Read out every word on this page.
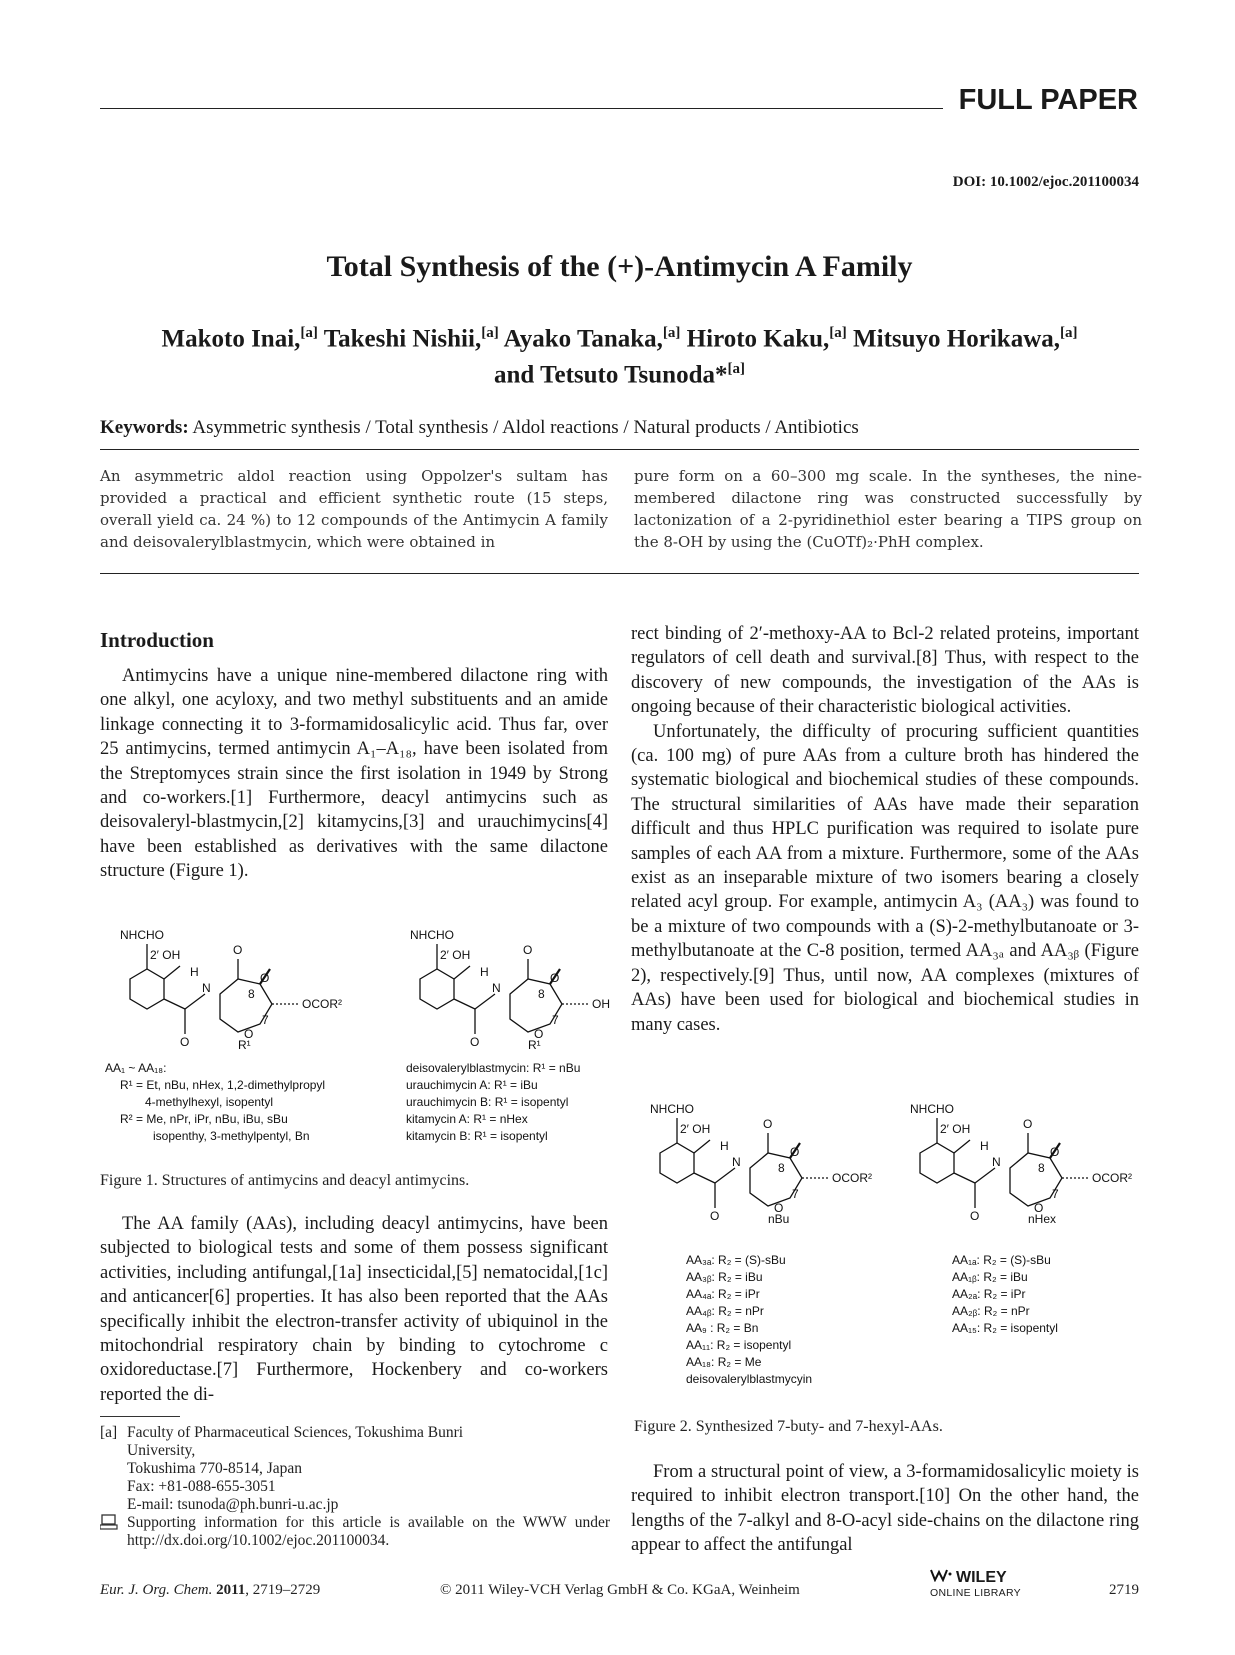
FULL PAPER
DOI: 10.1002/ejoc.201100034
Total Synthesis of the (+)-Antimycin A Family
Makoto Inai,[a] Takeshi Nishii,[a] Ayako Tanaka,[a] Hiroto Kaku,[a] Mitsuyo Horikawa,[a]
and Tetsuto Tsunoda*[a]
Keywords: Asymmetric synthesis / Total synthesis / Aldol reactions / Natural products / Antibiotics
An asymmetric aldol reaction using Oppolzer's sultam has provided a practical and efficient synthetic route (15 steps, overall yield ca. 24 %) to 12 compounds of the Antimycin A family and deisovalerylblastmycin, which were obtained in
pure form on a 60–300 mg scale. In the syntheses, the nine-membered dilactone ring was constructed successfully by lactonization of a 2-pyridinethiol ester bearing a TIPS group on the 8-OH by using the (CuOTf)₂·PhH complex.
Introduction

Antimycins have a unique nine-membered dilactone ring with one alkyl, one acyloxy, and two methyl substituents and an amide linkage connecting it to 3-formamidosalicylic acid. Thus far, over 25 antimycins, termed antimycin A₁–A₁₈, have been isolated from the Streptomyces strain since the first isolation in 1949 by Strong and co-workers.[1] Furthermore, deacyl antimycins such as deisovaleryl-blastmycin,[2] kitamycins,[3] and urauchimycins[4] have been established as derivatives with the same dilactone structure (Figure 1).

NHCHO
2′ OH
H
N
O
O
O
O
8
7
OCOR²
R¹
NHCHO
2′ OH
H
N
O
O
O
O
8
7
OH
R¹
AA₁ ~ AA₁₈:
R¹ = Et, nBu, nHex, 1,2-dimethylpropyl
4-methylhexyl, isopentyl
R² = Me, nPr, iPr, nBu, iBu, sBu
isopenthy, 3-methylpentyl, Bn
deisovalerylblastmycin: R¹ = nBu
urauchimycin A: R¹ = iBu
urauchimycin B: R¹ = isopentyl
kitamycin A: R¹ = nHex
kitamycin B: R¹ = isopentyl
Figure 1. Structures of antimycins and deacyl antimycins.

The AA family (AAs), including deacyl antimycins, have been subjected to biological tests and some of them possess significant activities, including antifungal,[1a] insecticidal,[5] nematocidal,[1c] and anticancer[6] properties. It has also been reported that the AAs specifically inhibit the electron-transfer activity of ubiquinol in the mitochondrial respiratory chain by binding to cytochrome c oxidoreductase.[7] Furthermore, Hockenbery and co-workers reported the di-

[a] Faculty of Pharmaceutical Sciences, Tokushima Bunri
University,
Tokushima 770-8514, Japan
Fax: +81-088-655-3051
E-mail: tsunoda@ph.bunri-u.ac.jp
Supporting information for this article is available on the WWW under http://dx.doi.org/10.1002/ejoc.201100034.

rect binding of 2′-methoxy-AA to Bcl-2 related proteins, important regulators of cell death and survival.[8] Thus, with respect to the discovery of new compounds, the investigation of the AAs is ongoing because of their characteristic biological activities.

Unfortunately, the difficulty of procuring sufficient quantities (ca. 100 mg) of pure AAs from a culture broth has hindered the systematic biological and biochemical studies of these compounds. The structural similarities of AAs have made their separation difficult and thus HPLC purification was required to isolate pure samples of each AA from a mixture. Furthermore, some of the AAs exist as an inseparable mixture of two isomers bearing a closely related acyl group. For example, antimycin A₃ (AA₃) was found to be a mixture of two compounds with a (S)-2-methylbutanoate or 3-methylbutanoate at the C-8 position, termed AA₃ₐ and AA₃ᵦ (Figure 2), respectively.[9] Thus, until now, AA complexes (mixtures of AAs) have been used for biological and biochemical studies in many cases.

NHCHO
2′ OH
H
N
O
O
O
O
8
7
OCOR²
nBu
NHCHO
2′ OH
H
N
O
O
O
O
8
7
OCOR²
nHex
AA₃ₐ: R₂ = (S)-sBu
AA₃ᵦ: R₂ = iBu
AA₄ₐ: R₂ = iPr
AA₄ᵦ: R₂ = nPr
AA₉ : R₂ = Bn
AA₁₁: R₂ = isopentyl
AA₁₈: R₂ = Me
deisovalerylblastmycyin
AA₁ₐ: R₂ = (S)-sBu
AA₁ᵦ: R₂ = iBu
AA₂ₐ: R₂ = iPr
AA₂ᵦ: R₂ = nPr
AA₁₅: R₂ = isopentyl
Figure 2. Synthesized 7-buty- and 7-hexyl-AAs.

From a structural point of view, a 3-formamidosalicylic moiety is required to inhibit electron transport.[10] On the other hand, the lengths of the 7-alkyl and 8-O-acyl side-chains on the dilactone ring appear to affect the antifungal

Eur. J. Org. Chem. 2011, 2719–2729	© 2011 Wiley-VCH Verlag GmbH & Co. KGaA, Weinheim
WILEY
ONLINE LIBRARY	2719
